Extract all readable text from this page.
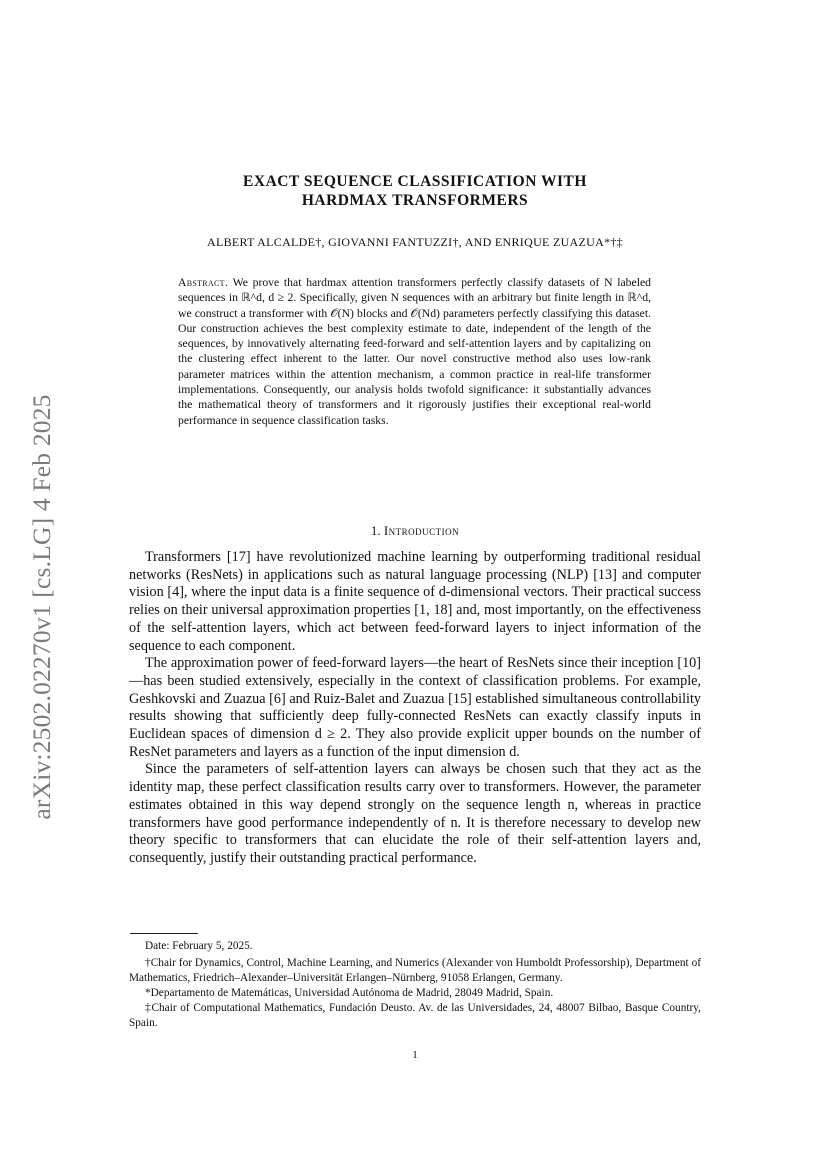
arXiv:2502.02270v1 [cs.LG] 4 Feb 2025
EXACT SEQUENCE CLASSIFICATION WITH
HARDMAX TRANSFORMERS
ALBERT ALCALDE†, GIOVANNI FANTUZZI†, AND ENRIQUE ZUAZUA*†‡
Abstract. We prove that hardmax attention transformers perfectly classify datasets of N labeled sequences in ℝ^d, d ≥ 2. Specifically, given N sequences with an arbitrary but finite length in ℝ^d, we construct a transformer with 𝒪(N) blocks and 𝒪(Nd) parameters perfectly classifying this dataset. Our construction achieves the best complexity estimate to date, independent of the length of the sequences, by innovatively alternating feed-forward and self-attention layers and by capitalizing on the clustering effect inherent to the latter. Our novel constructive method also uses low-rank parameter matrices within the attention mechanism, a common practice in real-life transformer implementations. Consequently, our analysis holds twofold significance: it substantially advances the mathematical theory of transformers and it rigorously justifies their exceptional real-world performance in sequence classification tasks.
1. Introduction

Transformers [17] have revolutionized machine learning by outperforming traditional residual networks (ResNets) in applications such as natural language processing (NLP) [13] and computer vision [4], where the input data is a finite sequence of d-dimensional vectors. Their practical success relies on their universal approximation properties [1, 18] and, most importantly, on the effectiveness of the self-attention layers, which act between feed-forward layers to inject information of the sequence to each component.

The approximation power of feed-forward layers—the heart of ResNets since their inception [10]—has been studied extensively, especially in the context of classification problems. For example, Geshkovski and Zuazua [6] and Ruiz-Balet and Zuazua [15] established simultaneous controllability results showing that sufficiently deep fully-connected ResNets can exactly classify inputs in Euclidean spaces of dimension d ≥ 2. They also provide explicit upper bounds on the number of ResNet parameters and layers as a function of the input dimension d.

Since the parameters of self-attention layers can always be chosen such that they act as the identity map, these perfect classification results carry over to transformers. However, the parameter estimates obtained in this way depend strongly on the sequence length n, whereas in practice transformers have good performance independently of n. It is therefore necessary to develop new theory specific to transformers that can elucidate the role of their self-attention layers and, consequently, justify their outstanding practical performance.

Date: February 5, 2025.

†Chair for Dynamics, Control, Machine Learning, and Numerics (Alexander von Humboldt Professorship), Department of Mathematics, Friedrich–Alexander–Universität Erlangen–Nürnberg, 91058 Erlangen, Germany.

*Departamento de Matemáticas, Universidad Autónoma de Madrid, 28049 Madrid, Spain.

‡Chair of Computational Mathematics, Fundación Deusto. Av. de las Universidades, 24, 48007 Bilbao, Basque Country, Spain.

1
